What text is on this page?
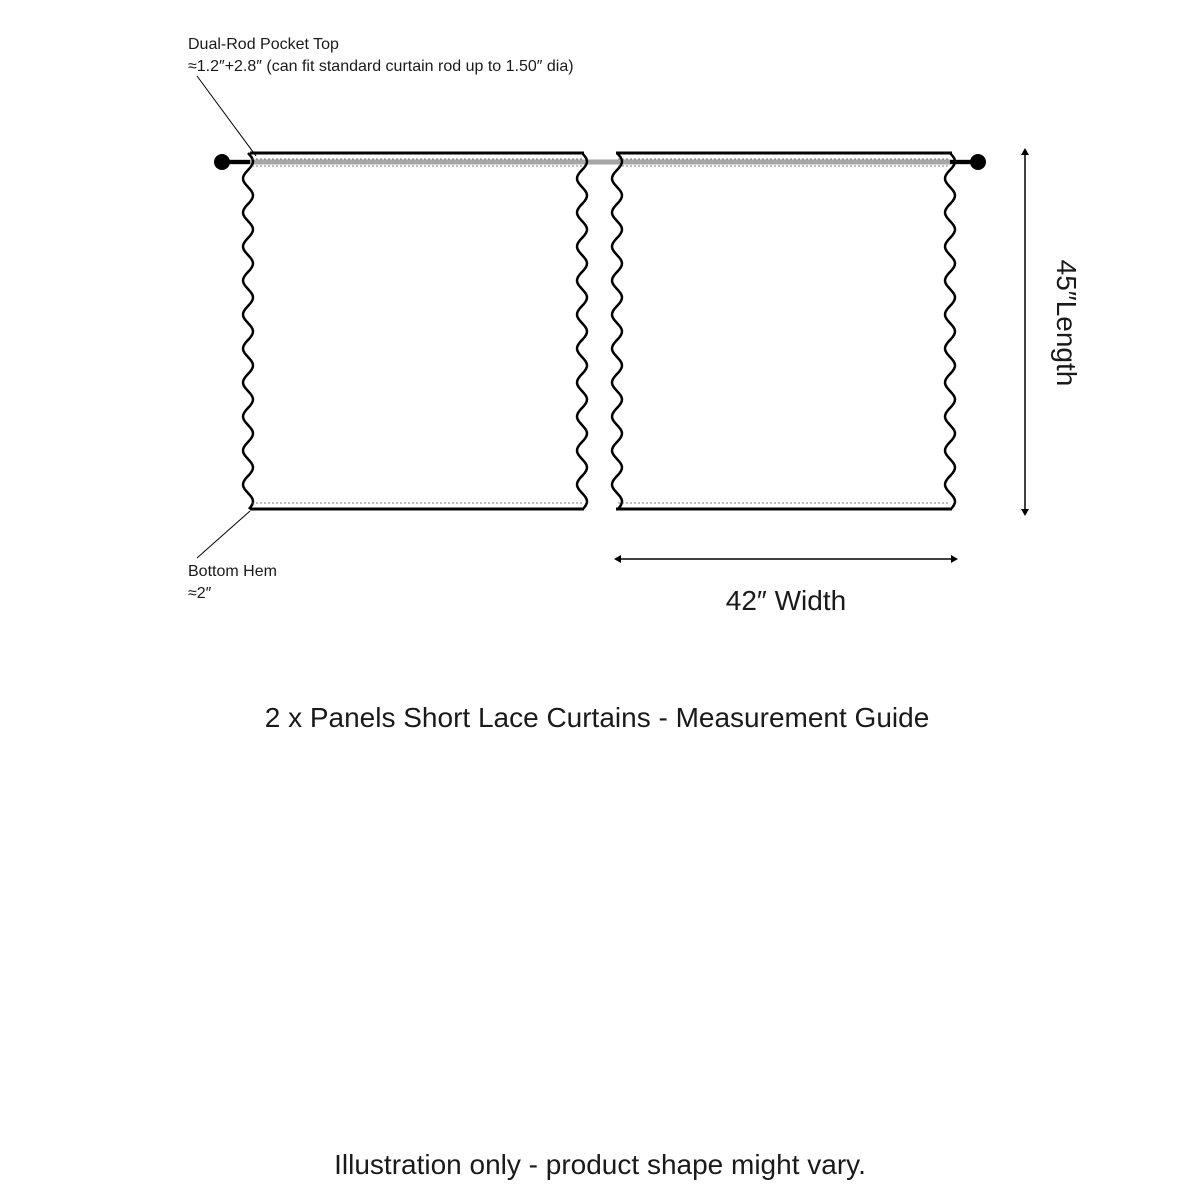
Dual-Rod Pocket Top
≈1.2″+2.8″ (can fit standard curtain rod up to 1.50″ dia)
Bottom Hem
≈2″	42″ Width
45″Length
2 x Panels Short Lace Curtains - Measurement Guide
Illustration only - product shape might vary.
